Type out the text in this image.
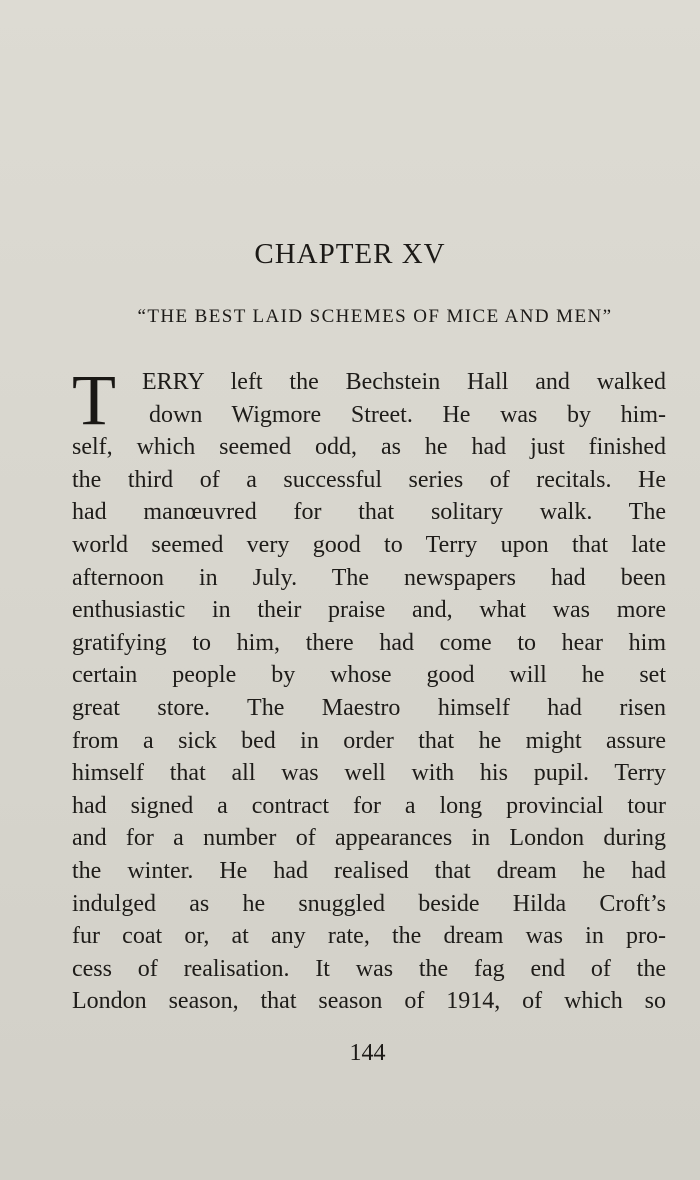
CHAPTER XV
“THE BEST LAID SCHEMES OF MICE AND MEN”
T	ERRY left the Bechstein Hall and walked
down Wigmore Street. He was by him-
self, which seemed odd, as he had just finished
the third of a successful series of recitals. He
had manœuvred for that solitary walk. The
world seemed very good to Terry upon that late
afternoon in July. The newspapers had been
enthusiastic in their praise and, what was more
gratifying to him, there had come to hear him
certain people by whose good will he set
great store. The Maestro himself had risen
from a sick bed in order that he might assure
himself that all was well with his pupil. Terry
had signed a contract for a long provincial tour
and for a number of appearances in London during
the winter. He had realised that dream he had
indulged as he snuggled beside Hilda Croft’s
fur coat or, at any rate, the dream was in pro-
cess of realisation. It was the fag end of the
London season, that season of 1914, of which so
144
